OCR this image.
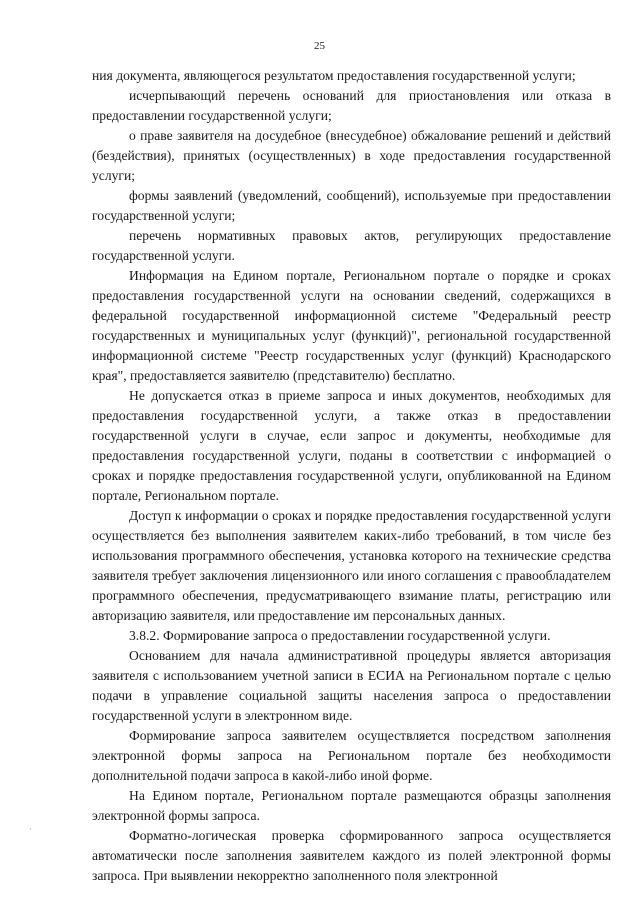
25

ния документа, являющегося результатом предоставления государственной услуги;

исчерпывающий перечень оснований для приостановления или отказа в предоставлении государственной услуги;

о праве заявителя на досудебное (внесудебное) обжалование решений и действий (бездействия), принятых (осуществленных) в ходе предоставления государственной услуги;

формы заявлений (уведомлений, сообщений), используемые при предоставлении государственной услуги;

перечень нормативных правовых актов, регулирующих предоставление государственной услуги.

Информация на Едином портале, Региональном портале о порядке и сроках предоставления государственной услуги на основании сведений, содержащихся в федеральной государственной информационной системе "Федеральный реестр государственных и муниципальных услуг (функций)", региональной государственной информационной системе "Реестр государственных услуг (функций) Краснодарского края", предоставляется заявителю (представителю) бесплатно.

Не допускается отказ в приеме запроса и иных документов, необходимых для предоставления государственной услуги, а также отказ в предоставлении государственной услуги в случае, если запрос и документы, необходимые для предоставления государственной услуги, поданы в соответствии с информацией о сроках и порядке предоставления государственной услуги, опубликованной на Едином портале, Региональном портале.

Доступ к информации о сроках и порядке предоставления государственной услуги осуществляется без выполнения заявителем каких-либо требований, в том числе без использования программного обеспечения, установка которого на технические средства заявителя требует заключения лицензионного или иного соглашения с правообладателем программного обеспечения, предусматривающего взимание платы, регистрацию или авторизацию заявителя, или предоставление им персональных данных.

3.8.2. Формирование запроса о предоставлении государственной услуги.

Основанием для начала административной процедуры является авторизация заявителя с использованием учетной записи в ЕСИА на Региональном портале с целью подачи в управление социальной защиты населения запроса о предоставлении государственной услуги в электронном виде.

Формирование запроса заявителем осуществляется посредством заполнения электронной формы запроса на Региональном портале без необходимости дополнительной подачи запроса в какой-либо иной форме.

На Едином портале, Региональном портале размещаются образцы заполнения электронной формы запроса.

Форматно-логическая проверка сформированного запроса осуществляется автоматически после заполнения заявителем каждого из полей электронной формы запроса. При выявлении некорректно заполненного поля электронной

·
